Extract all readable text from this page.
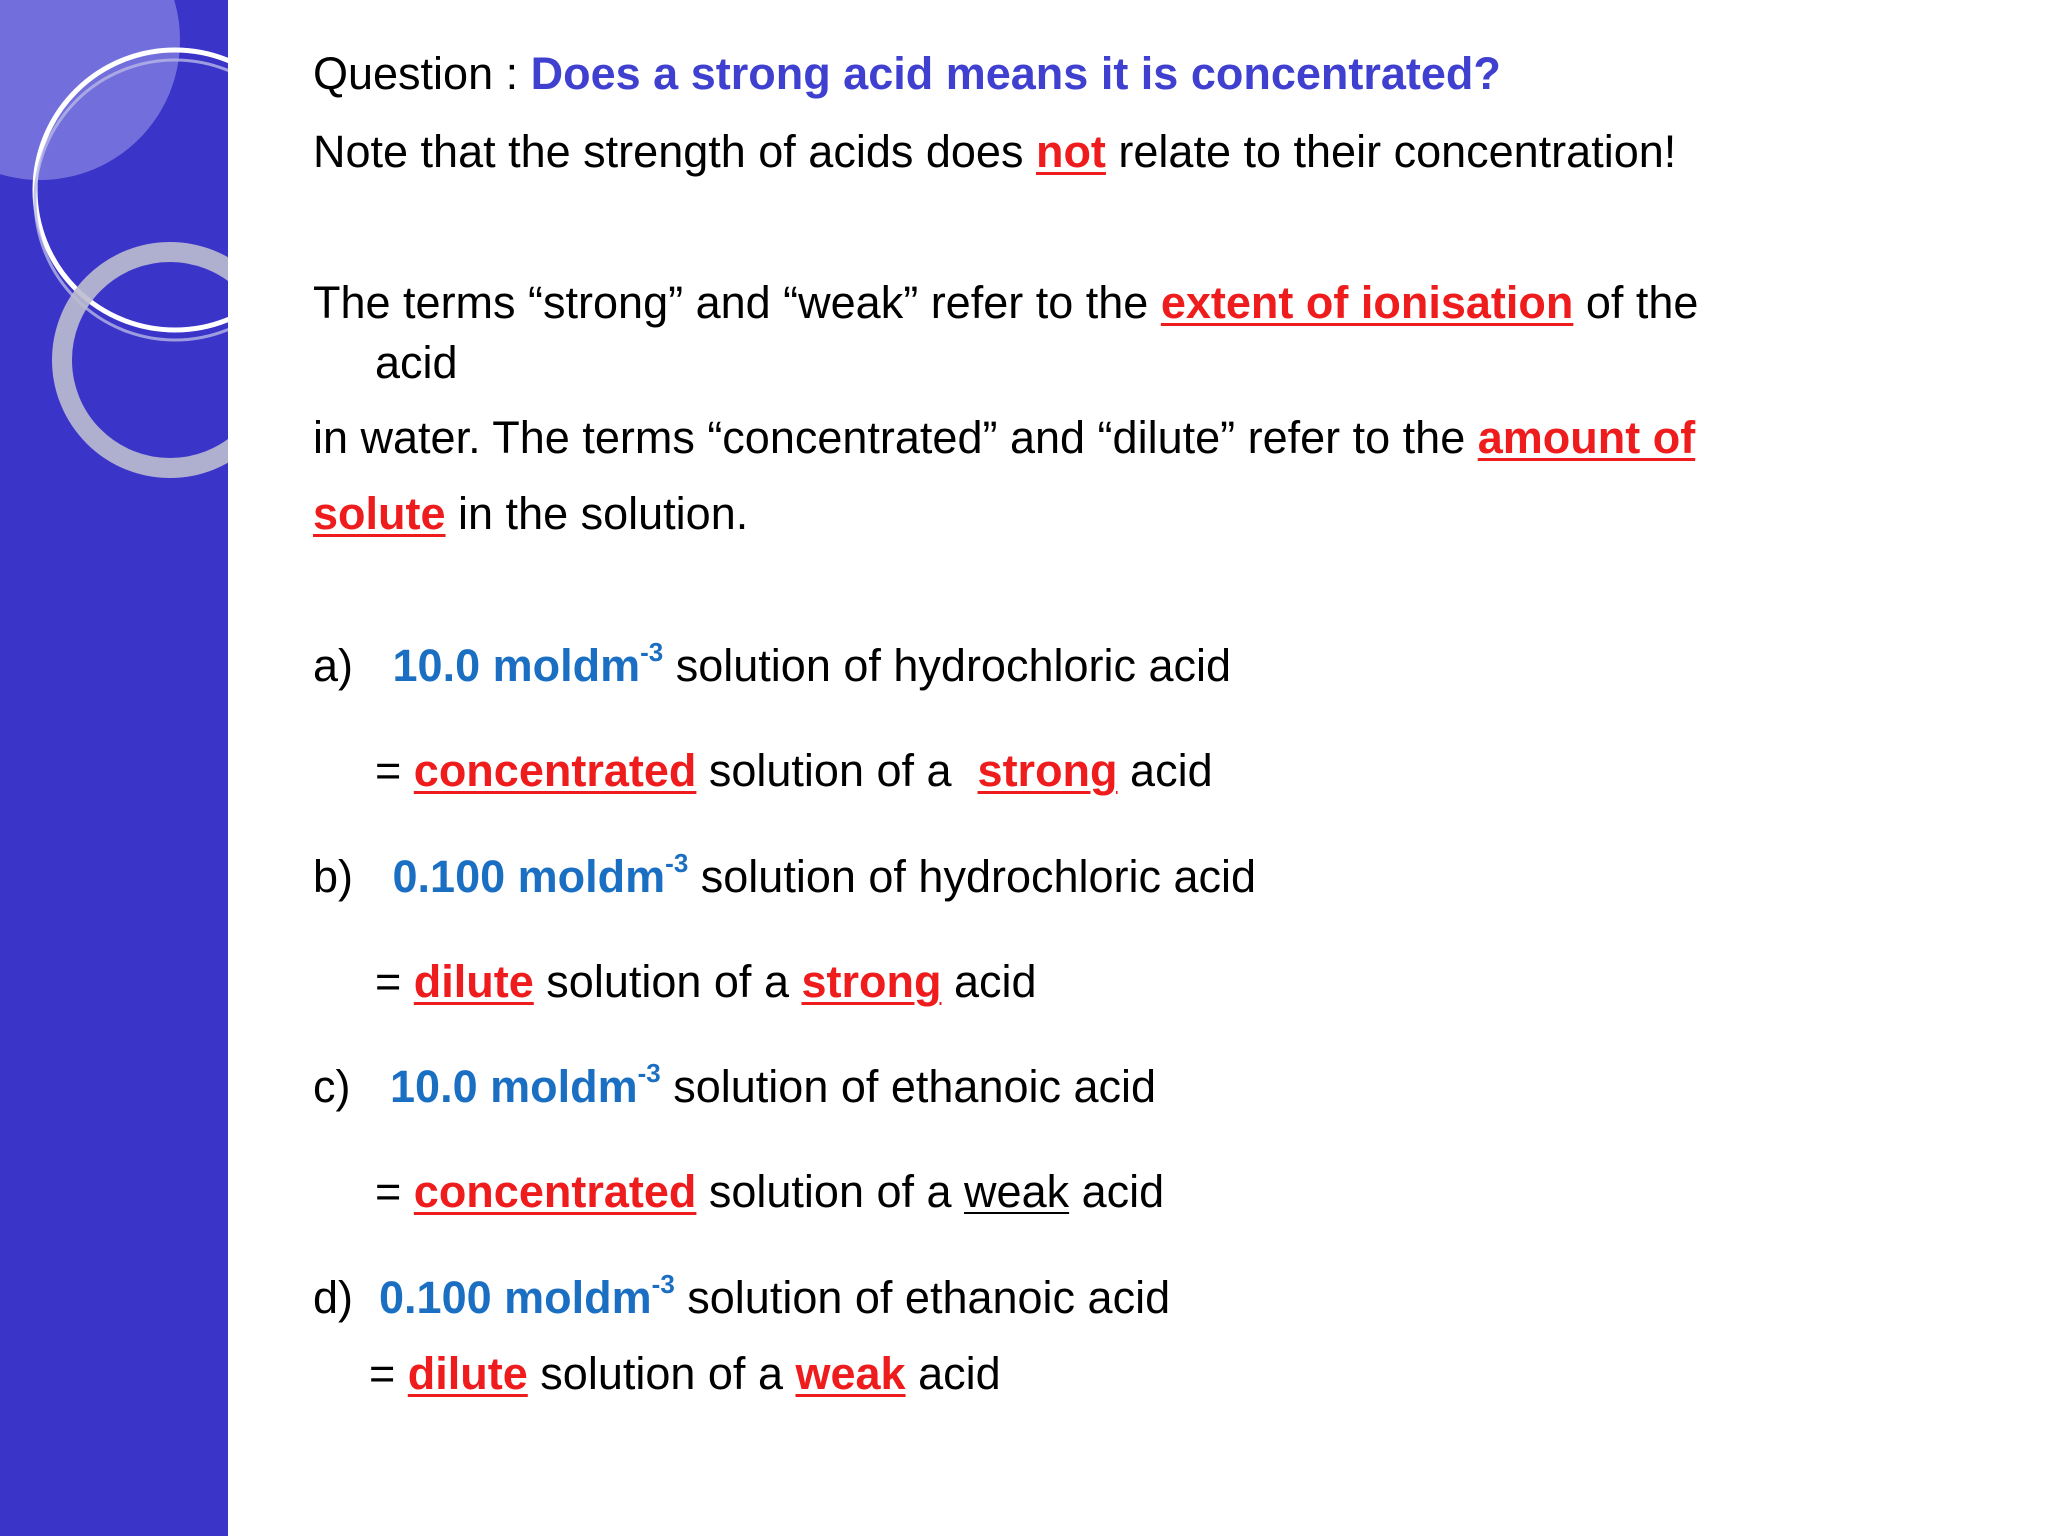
Question : Does a strong acid means it is concentrated?
Note that the strength of acids does not relate to their concentration!
The terms “strong” and “weak” refer to the extent of ionisation of the
acid
in water. The terms “concentrated” and “dilute” refer to the amount of
solute in the solution.
a) 10.0 moldm$^{-3}$ solution of hydrochloric acid
= concentrated solution of a strong acid
b) 0.100 moldm$^{-3}$ solution of hydrochloric acid
= dilute solution of a strong acid
c) 10.0 moldm$^{-3}$ solution of ethanoic acid
= concentrated solution of a weak acid
d) 0.100 moldm$^{-3}$ solution of ethanoic acid
= dilute solution of a weak acid
